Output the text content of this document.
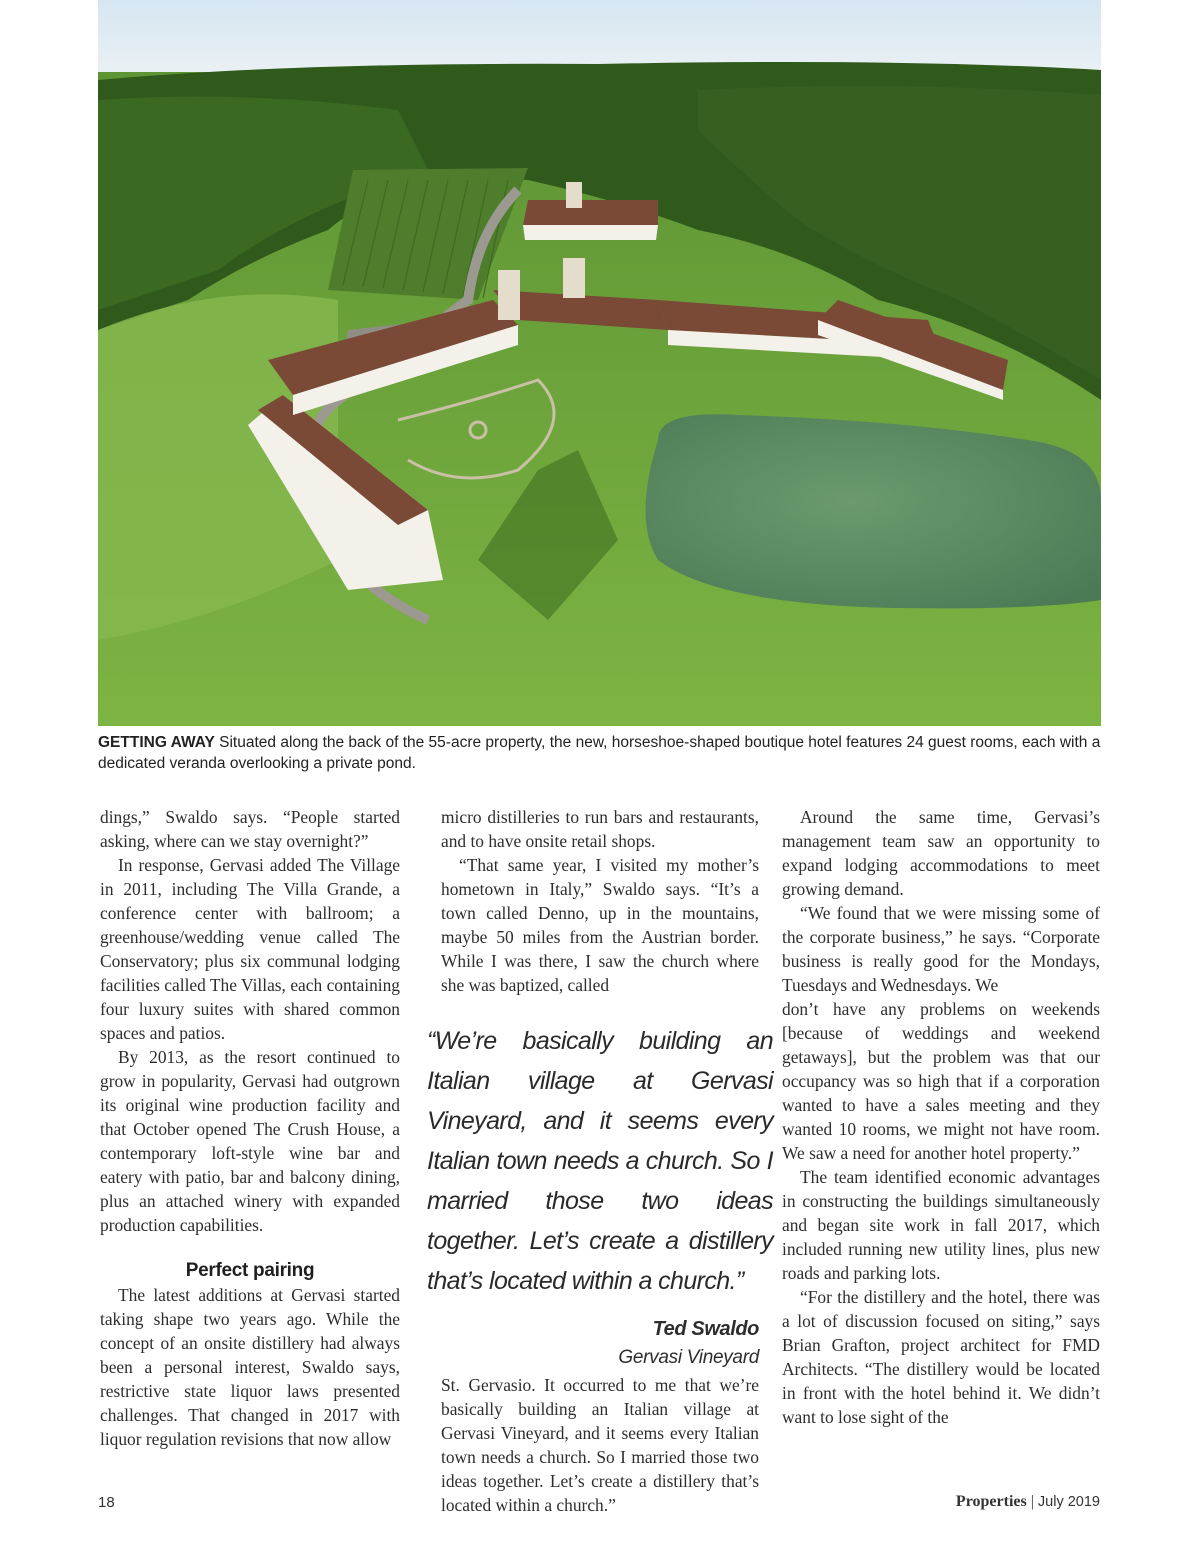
GETTING AWAY Situated along the back of the 55-acre property, the new, horseshoe-shaped boutique hotel features 24 guest rooms, each with a dedicated veranda overlooking a private pond.

dings,” Swaldo says. “People started asking, where can we stay overnight?”

In response, Gervasi added The Village in 2011, including The Villa Grande, a conference center with ballroom; a greenhouse/wedding venue called The Conservatory; plus six communal lodging facilities called The Villas, each containing four luxury suites with shared common spaces and patios.

By 2013, as the resort continued to grow in popularity, Gervasi had outgrown its original wine production facility and that October opened The Crush House, a contemporary loft-style wine bar and eatery with patio, bar and balcony dining, plus an attached winery with expanded production capabilities.

Perfect pairing

The latest additions at Gervasi started taking shape two years ago. While the concept of an onsite distillery had always been a personal interest, Swaldo says, restrictive state liquor laws presented challenges. That changed in 2017 with liquor regulation revisions that now allow

micro distilleries to run bars and restaurants, and to have onsite retail shops.

“That same year, I visited my mother’s hometown in Italy,” Swaldo says. “It’s a town called Denno, up in the mountains, maybe 50 miles from the Austrian border. While I was there, I saw the church where she was baptized, called

“We’re basically building an Italian village at Gervasi Vineyard, and it seems every Italian town needs a church. So I married those two ideas together. Let’s create a distillery that’s located within a church.”
Ted Swaldo
Gervasi Vineyard

St. Gervasio. It occurred to me that we’re basically building an Italian village at Gervasi Vineyard, and it seems every Italian town needs a church. So I married those two ideas together. Let’s create a distillery that’s located within a church.”

Around the same time, Gervasi’s management team saw an opportunity to expand lodging accommodations to meet growing demand.

“We found that we were missing some of the corporate business,” he says. “Corporate business is really good for the Mondays, Tuesdays and Wednesdays. We

don’t have any problems on weekends [because of weddings and weekend getaways], but the problem was that our occupancy was so high that if a corporation wanted to have a sales meeting and they wanted 10 rooms, we might not have room. We saw a need for another hotel property.”

The team identified economic advantages in constructing the buildings simultaneously and began site work in fall 2017, which included running new utility lines, plus new roads and parking lots.

“For the distillery and the hotel, there was a lot of discussion focused on siting,” says Brian Grafton, project architect for FMD Architects. “The distillery would be located in front with the hotel behind it. We didn’t want to lose sight of the

18	Properties | July 2019
